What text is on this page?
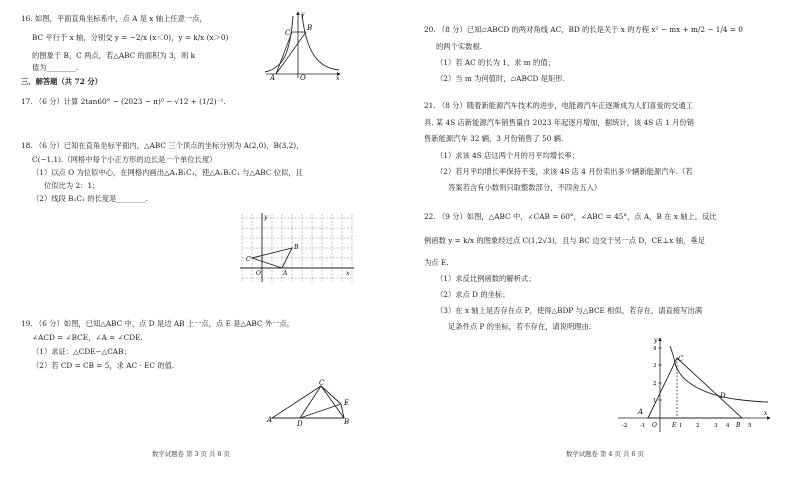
16. 如图，平面直角坐标系中，点 A 是 x 轴上任意一点，
BC 平行于 x 轴，分别交 y = −2/x (x＜0)，y = k/x (x＞0)
的图象于 B，C 两点，若△ABC 的面积为 3，则 k
值为________.
C
B
A	O	x
y
三、解答题（共 72 分）
17. （6 分）计算 2tan60° − (2023 − π)⁰ − √12 + (1/2)⁻¹.
18. （6 分）已知在直角坐标平面内，△ABC 三个顶点的坐标分别为 A(2,0)，B(3,2)，
C(−1,1).（网格中每个小正方形的边长是一个单位长度）
（1）以点 O 为位似中心，在网格内画出△A₁B₁C₁，使△A₁B₁C₁ 与△ABC 位似，且
位似比为 2：1；
（2）线段 B₁C₁ 的长度是________.
y
B
A
O	x
C
19. （6 分）如图，已知△ABC 中，点 D 是边 AB 上一点，点 E 是△ABC 外一点，
∠ACD = ∠BCE，∠A = ∠CDE.
（1）求证：△CDE∽△CAB；
（2）若 CD = CB = 5，求 AC · EC 的值.
A	D
C
E
B
数学试题卷 第 3 页 共 6 页
20. （8 分）已知▱ABCD 的两对角线 AC，BD 的长是关于 x 的方程 x² − mx + m/2 − 1/4 = 0
的两个实数根.
（1）若 AC 的长为 1，求 m 的值；
（2）当 m 为何值时，▱ABCD 是矩形.
21. （8 分）随着新能源汽车技术的进步，电能源汽车正逐渐成为人们喜爱的交通工
具. 某 4S 店新能源汽车销售量自 2023 年起逐月增加，据统计，该 4S 店 1 月份销
售新能源汽车 32 辆，3 月份销售了 50 辆.
（1）求该 4S 店这两个月的月平均增长率；
（2）若月平均增长率保持不变，求该 4S 店 4 月份卖出多少辆新能源汽车.（若
答案若含有小数则只取整数部分，不四舍五入）
22. （9 分）如图，△ABC 中，∠CAB = 60°，∠ABC = 45°，点 A，B 在 x 轴上，反比
例函数 y = k/x 的图象经过点 C(1,2√3)，且与 BC 边交于另一点 D，CE⊥x 轴，垂足
为点 E.
（1）求反比例函数的解析式；
（2）求点 D 的坐标；
（3）在 x 轴上是否存在点 P，使得△BDP 与△BCE 相似，若存在，请直接写出满
足条件点 P 的坐标，若不存在，请说明理由.
y
C
A
O	E 1
-2 -1	2	3 4	5
B
D
x
1
2
3
4
数学试题卷 第 4 页 共 6 页
